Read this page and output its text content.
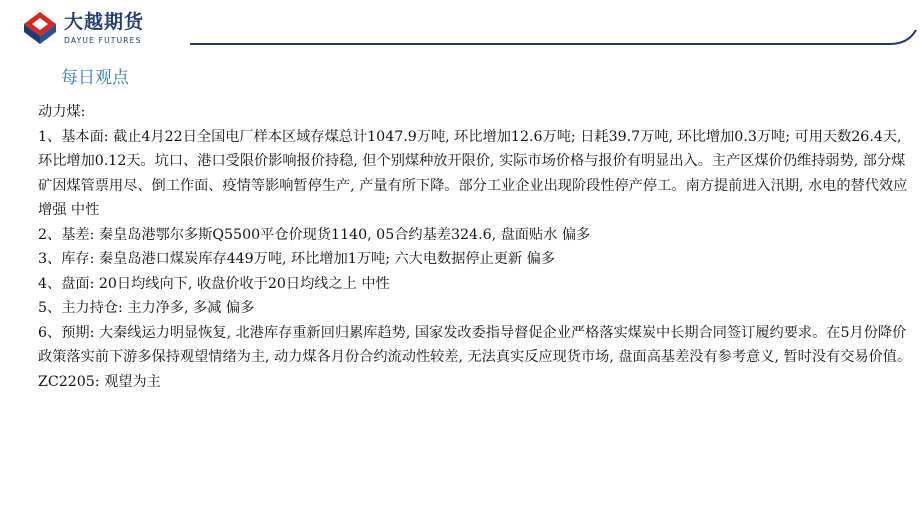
大越期货
DAYUE FUTURES
每日观点

动力煤:

1、基本面: 截止4月22日全国电厂样本区域存煤总计1047.9万吨, 环比增加12.6万吨; 日耗39.7万吨, 环比增加0.3万吨; 可用天数26.4天, 环比增加0.12天。坑口、港口受限价影响报价持稳, 但个别煤种放开限价, 实际市场价格与报价有明显出入。主产区煤价仍维持弱势, 部分煤矿因煤管票用尽、倒工作面、疫情等影响暂停生产, 产量有所下降。部分工业企业出现阶段性停产停工。南方提前进入汛期, 水电的替代效应增强 中性

2、基差: 秦皇岛港鄂尔多斯Q5500平仓价现货1140, 05合约基差324.6, 盘面贴水 偏多

3、库存: 秦皇岛港口煤炭库存449万吨, 环比增加1万吨; 六大电数据停止更新 偏多

4、盘面: 20日均线向下, 收盘价收于20日均线之上 中性

5、主力持仓: 主力净多, 多减 偏多

6、预期: 大秦线运力明显恢复, 北港库存重新回归累库趋势, 国家发改委指导督促企业严格落实煤炭中长期合同签订履约要求。在5月份降价政策落实前下游多保持观望情绪为主, 动力煤各月份合约流动性较差, 无法真实反应现货市场, 盘面高基差没有参考意义, 暂时没有交易价值。ZC2205: 观望为主
